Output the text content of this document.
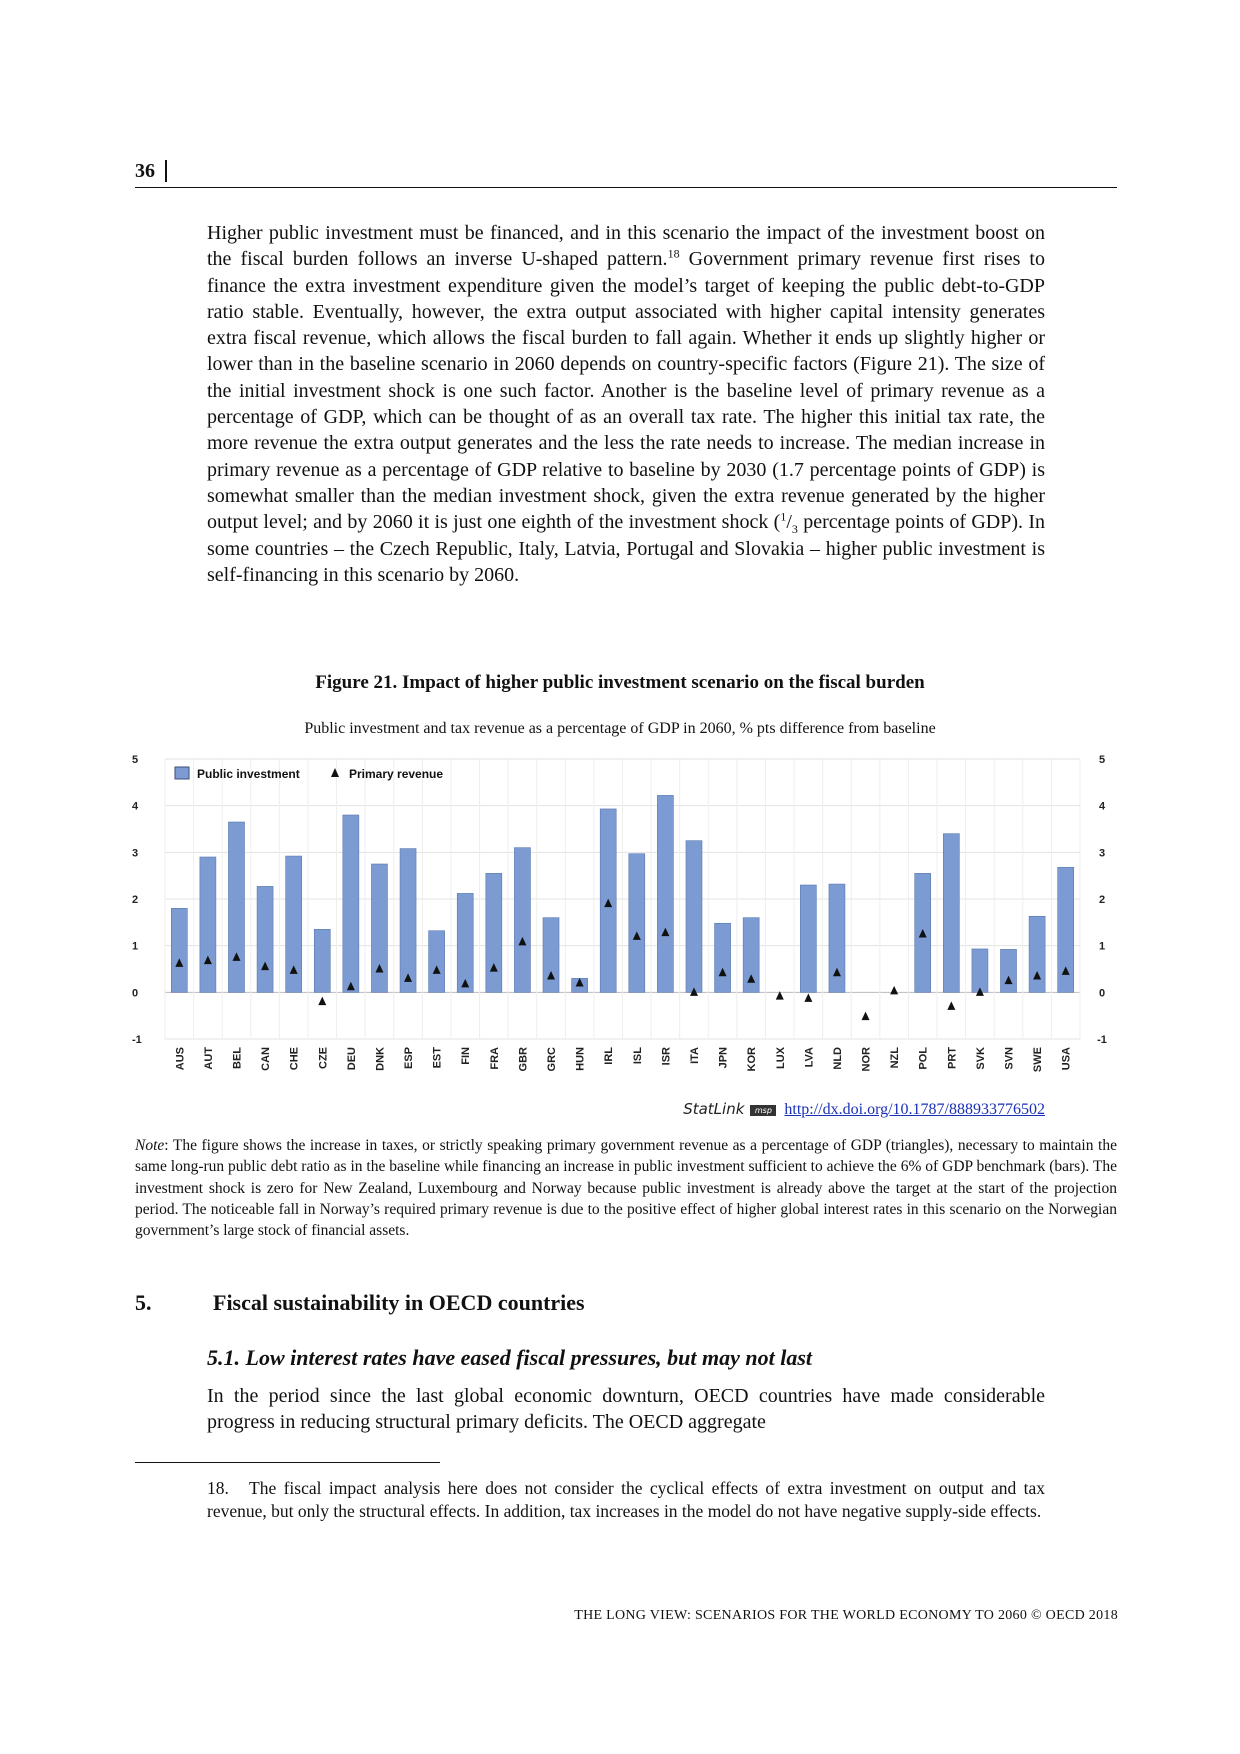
36
Higher public investment must be financed, and in this scenario the impact of the investment boost on the fiscal burden follows an inverse U-shaped pattern.$^{18}$ Government primary revenue first rises to finance the extra investment expenditure given the model’s target of keeping the public debt-to-GDP ratio stable. Eventually, however, the extra output associated with higher capital intensity generates extra fiscal revenue, which allows the fiscal burden to fall again. Whether it ends up slightly higher or lower than in the baseline scenario in 2060 depends on country-specific factors (Figure 21). The size of the initial investment shock is one such factor. Another is the baseline level of primary revenue as a percentage of GDP, which can be thought of as an overall tax rate. The higher this initial tax rate, the more revenue the extra output generates and the less the rate needs to increase. The median increase in primary revenue as a percentage of GDP relative to baseline by 2030 (1.7 percentage points of GDP) is somewhat smaller than the median investment shock, given the extra revenue generated by the higher output level; and by 2060 it is just one eighth of the investment shock ($^1/_3$ percentage points of GDP). In some countries – the Czech Republic, Italy, Latvia, Portugal and Slovakia – higher public investment is self-financing in this scenario by 2060.
Figure 21. Impact of higher public investment scenario on the fiscal burden
Public investment and tax revenue as a percentage of GDP in 2060, % pts difference from baseline
-1	-1
0	0
1	1
2	2
3	3
4	4
5	5
AUS AUT BEL CAN CHE CZE DEU DNK ESP EST FIN FRA GBR GRC HUN IRL ISL ISR ITA JPN KOR LUX LVA NLD NOR NZL POL PRT SVK SVN SWE USA
Public investment	Primary revenue
StatLink msp http://dx.doi.org/10.1787/888933776502
Note: The figure shows the increase in taxes, or strictly speaking primary government revenue as a percentage of GDP (triangles), necessary to maintain the same long-run public debt ratio as in the baseline while financing an increase in public investment sufficient to achieve the 6% of GDP benchmark (bars). The investment shock is zero for New Zealand, Luxembourg and Norway because public investment is already above the target at the start of the projection period. The noticeable fall in Norway’s required primary revenue is due to the positive effect of higher global interest rates in this scenario on the Norwegian government’s large stock of financial assets.
5.	Fiscal sustainability in OECD countries
5.1. Low interest rates have eased fiscal pressures, but may not last
In the period since the last global economic downturn, OECD countries have made considerable progress in reducing structural primary deficits. The OECD aggregate
18. The fiscal impact analysis here does not consider the cyclical effects of extra investment on output and tax revenue, but only the structural effects. In addition, tax increases in the model do not have negative supply-side effects.
THE LONG VIEW: SCENARIOS FOR THE WORLD ECONOMY TO 2060 © OECD 2018
